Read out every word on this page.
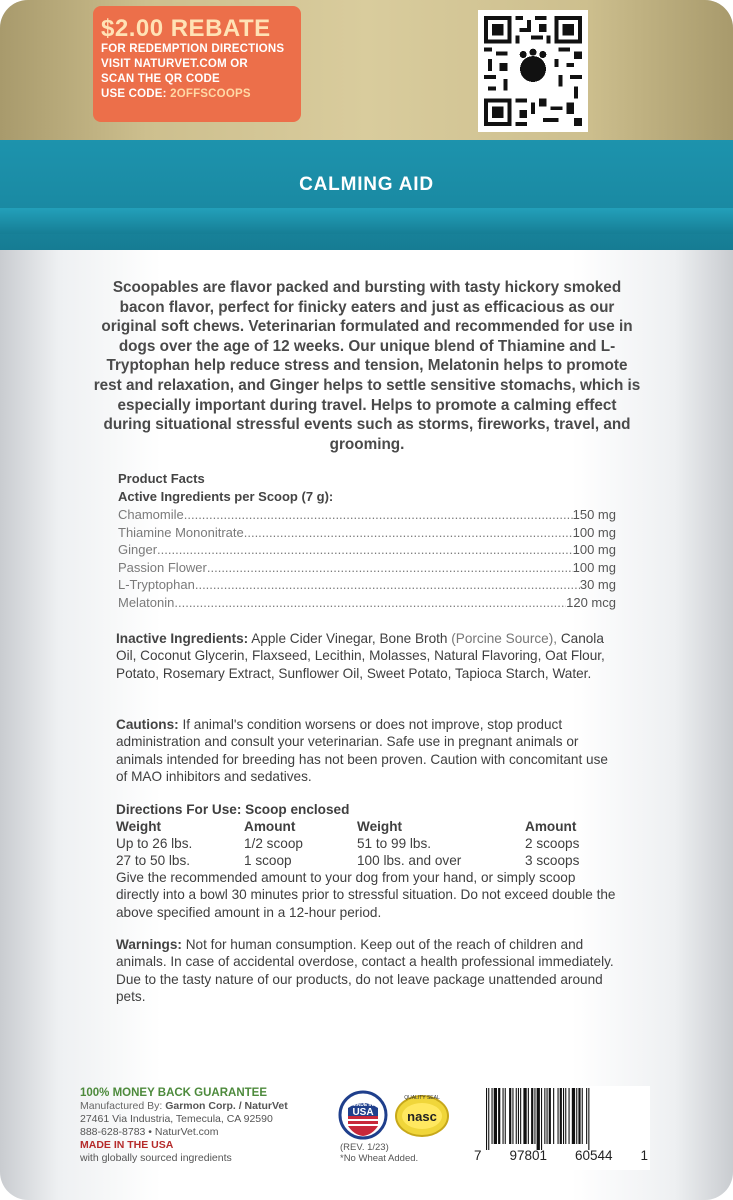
$2.00 REBATE
FOR REDEMPTION DIRECTIONS
VISIT NATURVET.COM OR
SCAN THE QR CODE
USE CODE: 2OFFSCOOPS
CALMING AID
Scoopables are flavor packed and bursting with tasty hickory smoked bacon flavor, perfect for finicky eaters and just as efficacious as our original soft chews. Veterinarian formulated and recommended for use in dogs over the age of 12 weeks. Our unique blend of Thiamine and L-Tryptophan help reduce stress and tension, Melatonin helps to promote rest and relaxation, and Ginger helps to settle sensitive stomachs, which is especially important during travel. Helps to promote a calming effect during situational stressful events such as storms, fireworks, travel, and grooming.
Product Facts
Active Ingredients per Scoop (7 g):
Chamomile .....	150 mg
Thiamine Mononitrate .....	100 mg
Ginger .....	100 mg
Passion Flower .....	100 mg
L-Tryptophan .....	30 mg
Melatonin .....	120 mcg
Inactive Ingredients: Apple Cider Vinegar, Bone Broth (Porcine Source), Canola Oil, Coconut Glycerin, Flaxseed, Lecithin, Molasses, Natural Flavoring, Oat Flour, Potato, Rosemary Extract, Sunflower Oil, Sweet Potato, Tapioca Starch, Water.
Cautions: If animal's condition worsens or does not improve, stop product administration and consult your veterinarian. Safe use in pregnant animals or animals intended for breeding has not been proven. Caution with concomitant use of MAO inhibitors and sedatives.
Directions For Use: Scoop enclosed
Weight	Amount	Weight	Amount
Up to 26 lbs.	1/2 scoop	51 to 99 lbs.	2 scoops
27 to 50 lbs.	1 scoop	100 lbs. and over	3 scoops
Give the recommended amount to your dog from your hand, or simply scoop directly into a bowl 30 minutes prior to stressful situation. Do not exceed double the above specified amount in a 12-hour period.
Warnings: Not for human consumption. Keep out of the reach of children and animals. In case of accidental overdose, contact a health professional immediately. Due to the tasty nature of our products, do not leave package unattended around pets.
100% MONEY BACK GUARANTEE
Manufactured By: Garmon Corp. / NaturVet
27461 Via Industria, Temecula, CA 92590
888-628-8783 • NaturVet.com
MADE IN THE USA
with globally sourced ingredients
MADE IN
USA
QUALITY SEAL
nasc
(REV. 1/23)
*No Wheat Added.	7 97801 60544 1
